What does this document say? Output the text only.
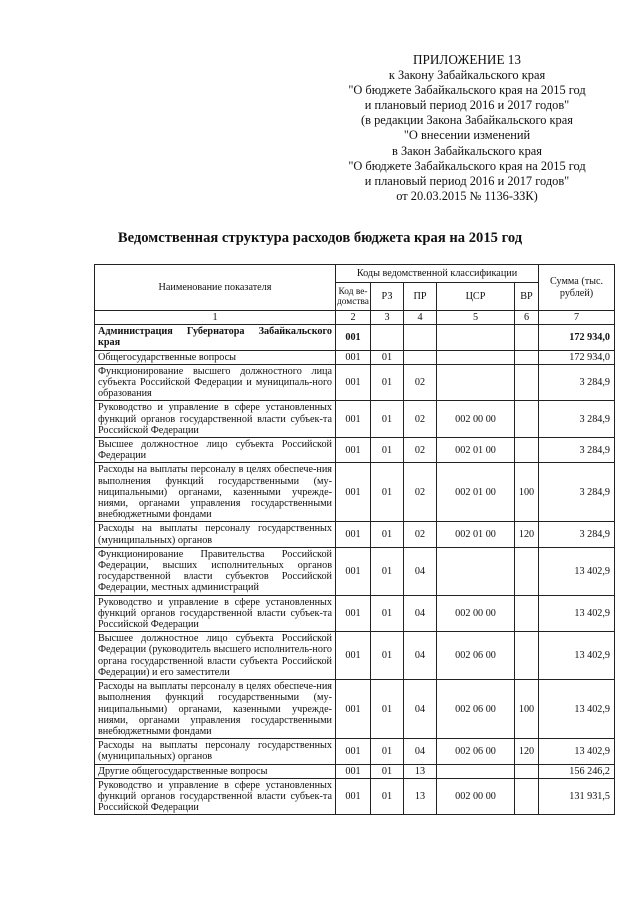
ПРИЛОЖЕНИЕ 13
к Закону Забайкальского края
"О бюджете Забайкальского края на 2015 год
и плановый период 2016 и 2017 годов"
(в редакции Закона Забайкальского края
"О внесении изменений
в Закон Забайкальского края
"О бюджете Забайкальского края на 2015 год
и плановый период 2016 и 2017 годов"
от 20.03.2015 № 1136-ЗЗК)
Ведомственная структура расходов бюджета края на 2015 год
Наименование показателя	Коды ведомственной классификации					Сумма (тыс. рублей)
	Код ве-домства	РЗ	ПР	ЦСР	ВР	
1	2	3	4	5	6	7
Администрация Губернатора Забайкальского края	001					172 934,0
Общегосударственные вопросы	001	01				172 934,0
Функционирование высшего должностного лица субъекта Российской Федерации и муниципаль-ного образования	001	01	02			3 284,9
Руководство и управление в сфере установленных функций органов государственной власти субъек-та Российской Федерации	001	01	02	002 00 00		3 284,9
Высшее должностное лицо субъекта Российской Федерации	001	01	02	002 01 00		3 284,9
Расходы на выплаты персоналу в целях обеспече-ния выполнения функций государственными (му-ниципальными) органами, казенными учрежде-ниями, органами управления государственными внебюджетными фондами	001	01	02	002 01 00	100	3 284,9
Расходы на выплаты персоналу государственных (муниципальных) органов	001	01	02	002 01 00	120	3 284,9
Функционирование Правительства Российской Федерации, высших исполнительных органов государственной власти субъектов Российской Федерации, местных администраций	001	01	04			13 402,9
Руководство и управление в сфере установленных функций органов государственной власти субъек-та Российской Федерации	001	01	04	002 00 00		13 402,9
Высшее должностное лицо субъекта Российской Федерации (руководитель высшего исполнитель-ного органа государственной власти субъекта Российской Федерации) и его заместители	001	01	04	002 06 00		13 402,9
Расходы на выплаты персоналу в целях обеспече-ния выполнения функций государственными (му-ниципальными) органами, казенными учрежде-ниями, органами управления государственными внебюджетными фондами	001	01	04	002 06 00	100	13 402,9
Расходы на выплаты персоналу государственных (муниципальных) органов	001	01	04	002 06 00	120	13 402,9
Другие общегосударственные вопросы	001	01	13			156 246,2
Руководство и управление в сфере установленных функций органов государственной власти субъек-та Российской Федерации	001	01	13	002 00 00		131 931,5
